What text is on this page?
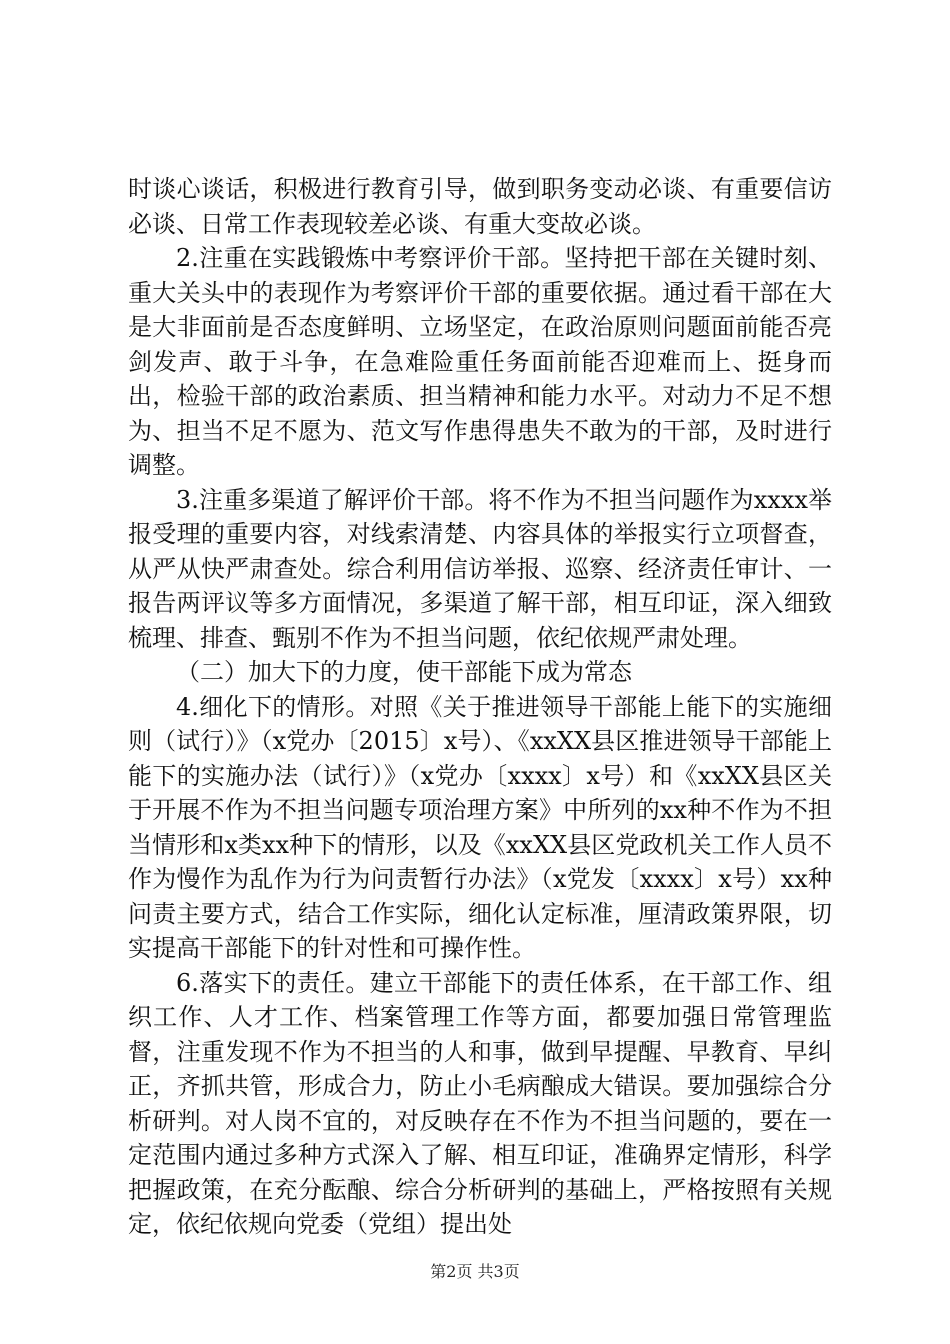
时谈心谈话，积极进行教育引导，做到职务变动必谈、有重要信访必谈、日常工作表现较差必谈、有重大变故必谈。

2.注重在实践锻炼中考察评价干部。坚持把干部在关键时刻、重大关头中的表现作为考察评价干部的重要依据。通过看干部在大是大非面前是否态度鲜明、立场坚定，在政治原则问题面前能否亮剑发声、敢于斗争，在急难险重任务面前能否迎难而上、挺身而出，检验干部的政治素质、担当精神和能力水平。对动力不足不想为、担当不足不愿为、范文写作患得患失不敢为的干部，及时进行调整。

3.注重多渠道了解评价干部。将不作为不担当问题作为xxxx举报受理的重要内容，对线索清楚、内容具体的举报实行立项督查，从严从快严肃查处。综合利用信访举报、巡察、经济责任审计、一报告两评议等多方面情况，多渠道了解干部，相互印证，深入细致梳理、排查、甄别不作为不担当问题，依纪依规严肃处理。

（二）加大下的力度，使干部能下成为常态

4.细化下的情形。对照《关于推进领导干部能上能下的实施细则（试行）》（x党办〔2015〕x号）、《xxXX县区推进领导干部能上能下的实施办法（试行）》（x党办〔xxxx〕x号）和《xxXX县区关于开展不作为不担当问题专项治理方案》中所列的xx种不作为不担当情形和x类xx种下的情形，以及《xxXX县区党政机关工作人员不作为慢作为乱作为行为问责暂行办法》（x党发〔xxxx〕x号）xx种问责主要方式，结合工作实际，细化认定标准，厘清政策界限，切实提高干部能下的针对性和可操作性。

6.落实下的责任。建立干部能下的责任体系，在干部工作、组织工作、人才工作、档案管理工作等方面，都要加强日常管理监督，注重发现不作为不担当的人和事，做到早提醒、早教育、早纠正，齐抓共管，形成合力，防止小毛病酿成大错误。要加强综合分析研判。对人岗不宜的，对反映存在不作为不担当问题的，要在一定范围内通过多种方式深入了解、相互印证，准确界定情形，科学把握政策，在充分酝酿、综合分析研判的基础上，严格按照有关规定，依纪依规向党委（党组）提出处

第2页 共3页
